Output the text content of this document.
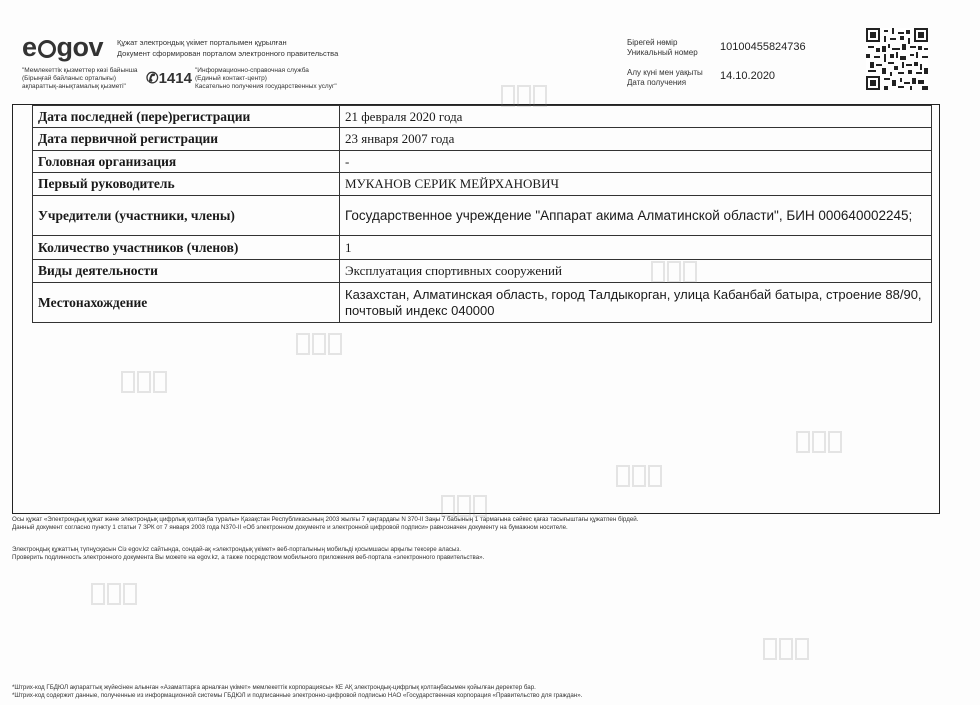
e gov Құжат электрондық үкімет порталымен құрылған
Документ сформирован порталом электронного правительства
"Мемлекеттік қызметтер көзі байынша
(Бірыңғай байланыс орталығы)
ақпараттық-анықтамалық қызметі"	✆1414 "Информационно-справочная служба
(Единый контакт-центр)
Касательно получения государственных услуг"
Бірегей нөмір
Уникальный номер 10100455824736
Алу күні мен уақыты
Дата получения
14.10.2020
Дата последней (пере)регистрации	21 февраля 2020 года
Дата первичной регистрации	23 января 2007 года
Головная организация	-
Первый руководитель	МУКАНОВ СЕРИК МЕЙРХАНОВИЧ
Учредители (участники, члены)	Государственное учреждение "Аппарат акима Алматинской области", БИН 000640002245;
Количество участников (членов)	1
Виды деятельности	Эксплуатация спортивных сооружений
Местонахождение	Казахстан, Алматинская область, город Талдыкорган, улица Кабанбай батыра, строение 88/90, почтовый индекс 040000
Осы құжат «Электрондық құжат және электрондық цифрлық қолтаңба туралы» Қазақстан Республикасының 2003 жылғы 7 қаңтардағы N 370-II Заңы 7 бабының 1 тармағына сәйкес қағаз тасығыштағы құжатпен бірдей.
Данный документ согласно пункту 1 статьи 7 ЗРК от 7 января 2003 года N370-II «Об электронном документе и электронной цифровой подписи» равнозначен документу на бумажном носителе.
Электрондық құжаттың түпнұсқасын Сіз egov.kz сайтында, сондай-ақ «электрондық үкімет» веб-порталының мобильді қосымшасы арқылы тексере аласыз.
Проверить подлинность электронного документа Вы можете на egov.kz, а также посредством мобильного приложения веб-портала «электронного правительства».
*Штрих-код ГБДЮЛ ақпараттық жүйесінен алынған «Азаматтарға арналған үкімет» мемлекеттік корпорациясы» КЕ АҚ электрондық-цифрлық қолтаңбасымен қойылған деректер бар.
*Штрих-код содержит данные, полученные из информационной системы ГБДЮЛ и подписанные электронно-цифровой подписью НАО «Государственная корпорация «Правительство для граждан».
